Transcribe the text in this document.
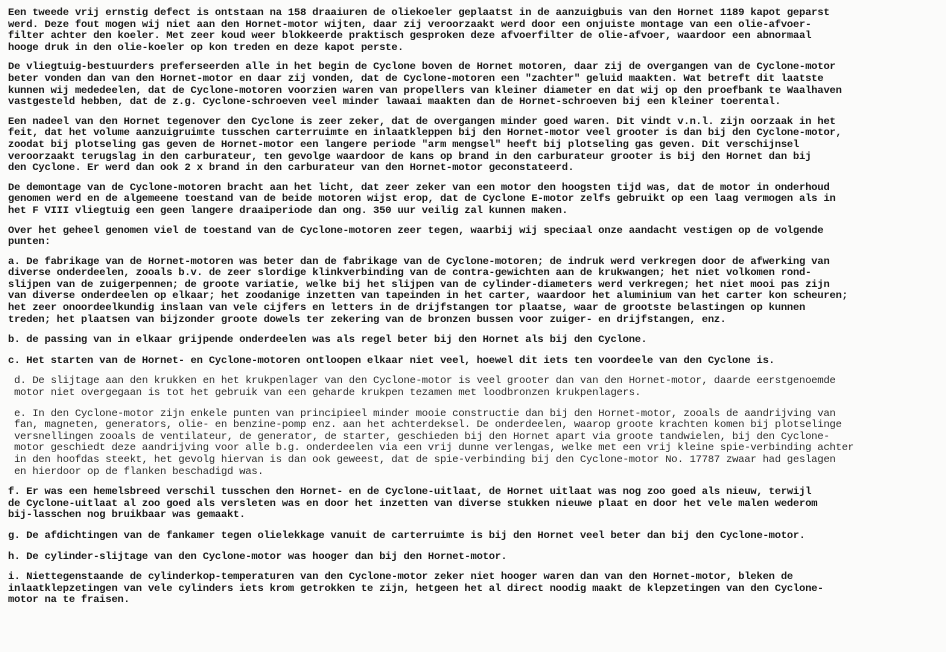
Een tweede vrij ernstig defect is ontstaan na 158 draaiuren de oliekoeler geplaatst in de aanzuigbuis van den Hornet 1189 kapot geparst
werd. Deze fout mogen wij niet aan den Hornet-motor wijten, daar zij veroorzaakt werd door een onjuiste montage van een olie-afvoer-
filter achter den koeler. Met zeer koud weer blokkeerde praktisch gesproken deze afvoerfilter de olie-afvoer, waardoor een abnormaal
hooge druk in den olie-koeler op kon treden en deze kapot perste.
De vliegtuig-bestuurders preferseerden alle in het begin de Cyclone boven de Hornet motoren, daar zij de overgangen van de Cyclone-motor
beter vonden dan van den Hornet-motor en daar zij vonden, dat de Cyclone-motoren een "zachter" geluid maakten. Wat betreft dit laatste
kunnen wij mededeelen, dat de Cyclone-motoren voorzien waren van propellers van kleiner diameter en dat wij op den proefbank te Waalhaven
vastgesteld hebben, dat de z.g. Cyclone-schroeven veel minder lawaai maakten dan de Hornet-schroeven bij een kleiner toerental.
Een nadeel van den Hornet tegenover den Cyclone is zeer zeker, dat de overgangen minder goed waren. Dit vindt v.n.l. zijn oorzaak in het
feit, dat het volume aanzuigruimte tusschen carterruimte en inlaatkleppen bij den Hornet-motor veel grooter is dan bij den Cyclone-motor,
zoodat bij plotseling gas geven de Hornet-motor een langere periode "arm mengsel" heeft bij plotseling gas geven. Dit verschijnsel
veroorzaakt terugslag in den carburateur, ten gevolge waardoor de kans op brand in den carburateur grooter is bij den Hornet dan bij
den Cyclone. Er werd dan ook 2 x brand in den carburateur van den Hornet-motor geconstateerd.
De demontage van de Cyclone-motoren bracht aan het licht, dat zeer zeker van een motor den hoogsten tijd was, dat de motor in onderhoud
genomen werd en de algemeene toestand van de beide motoren wijst erop, dat de Cyclone E-motor zelfs gebruikt op een laag vermogen als in
het F VIII vliegtuig een geen langere draaiperiode dan ong. 350 uur veilig zal kunnen maken.
Over het geheel genomen viel de toestand van de Cyclone-motoren zeer tegen, waarbij wij speciaal onze aandacht vestigen op de volgende
punten:
a. De fabrikage van de Hornet-motoren was beter dan de fabrikage van de Cyclone-motoren; de indruk werd verkregen door de afwerking van
diverse onderdeelen, zooals b.v. de zeer slordige klinkverbinding van de contra-gewichten aan de krukwangen; het niet volkomen rond-
slijpen van de zuigerpennen; de groote variatie, welke bij het slijpen van de cylinder-diameters werd verkregen; het niet mooi pas zijn
van diverse onderdeelen op elkaar; het zoodanige inzetten van tapeinden in het carter, waardoor het aluminium van het carter kon scheuren;
het zeer onoordeelkundig inslaan van vele cijfers en letters in de drijfstangen tor plaatse, waar de grootste belastingen op kunnen
treden; het plaatsen van bijzonder groote dowels ter zekering van de bronzen bussen voor zuiger- en drijfstangen, enz.
b. de passing van in elkaar grijpende onderdeelen was als regel beter bij den Hornet als bij den Cyclone.
c. Het starten van de Hornet- en Cyclone-motoren ontloopen elkaar niet veel, hoewel dit iets ten voordeele van den Cyclone is.
d. De slijtage aan den krukken en het krukpenlager van den Cyclone-motor is veel grooter dan van den Hornet-motor, daarde eerstgenoemde
motor niet overgegaan is tot het gebruik van een geharde krukpen tezamen met loodbronzen krukpenlagers.
e. In den Cyclone-motor zijn enkele punten van principieel minder mooie constructie dan bij den Hornet-motor, zooals de aandrijving van
fan, magneten, generators, olie- en benzine-pomp enz. aan het achterdeksel. De onderdeelen, waarop groote krachten komen bij plotselinge
versnellingen zooals de ventilateur, de generator, de starter, geschieden bij den Hornet apart via groote tandwielen, bij den Cyclone-
motor geschiedt deze aandrijving voor alle b.g. onderdeelen via een vrij dunne verlengas, welke met een vrij kleine spie-verbinding achter
in den hoofdas steekt, het gevolg hiervan is dan ook geweest, dat de spie-verbinding bij den Cyclone-motor No. 17787 zwaar had geslagen
en hierdoor op de flanken beschadigd was.
f. Er was een hemelsbreed verschil tusschen den Hornet- en de Cyclone-uitlaat, de Hornet uitlaat was nog zoo goed als nieuw, terwijl
de Cyclone-uitlaat al zoo goed als versleten was en door het inzetten van diverse stukken nieuwe plaat en door het vele malen wederom
bij-lasschen nog bruikbaar was gemaakt.
g. De afdichtingen van de fankamer tegen olielekkage vanuit de carterruimte is bij den Hornet veel beter dan bij den Cyclone-motor.
h. De cylinder-slijtage van den Cyclone-motor was hooger dan bij den Hornet-motor.
i. Niettegenstaande de cylinderkop-temperaturen van den Cyclone-motor zeker niet hooger waren dan van den Hornet-motor, bleken de
inlaatklepzetingen van vele cylinders iets krom getrokken te zijn, hetgeen het al direct noodig maakt de klepzetingen van den Cyclone-
motor na te fraisen.
